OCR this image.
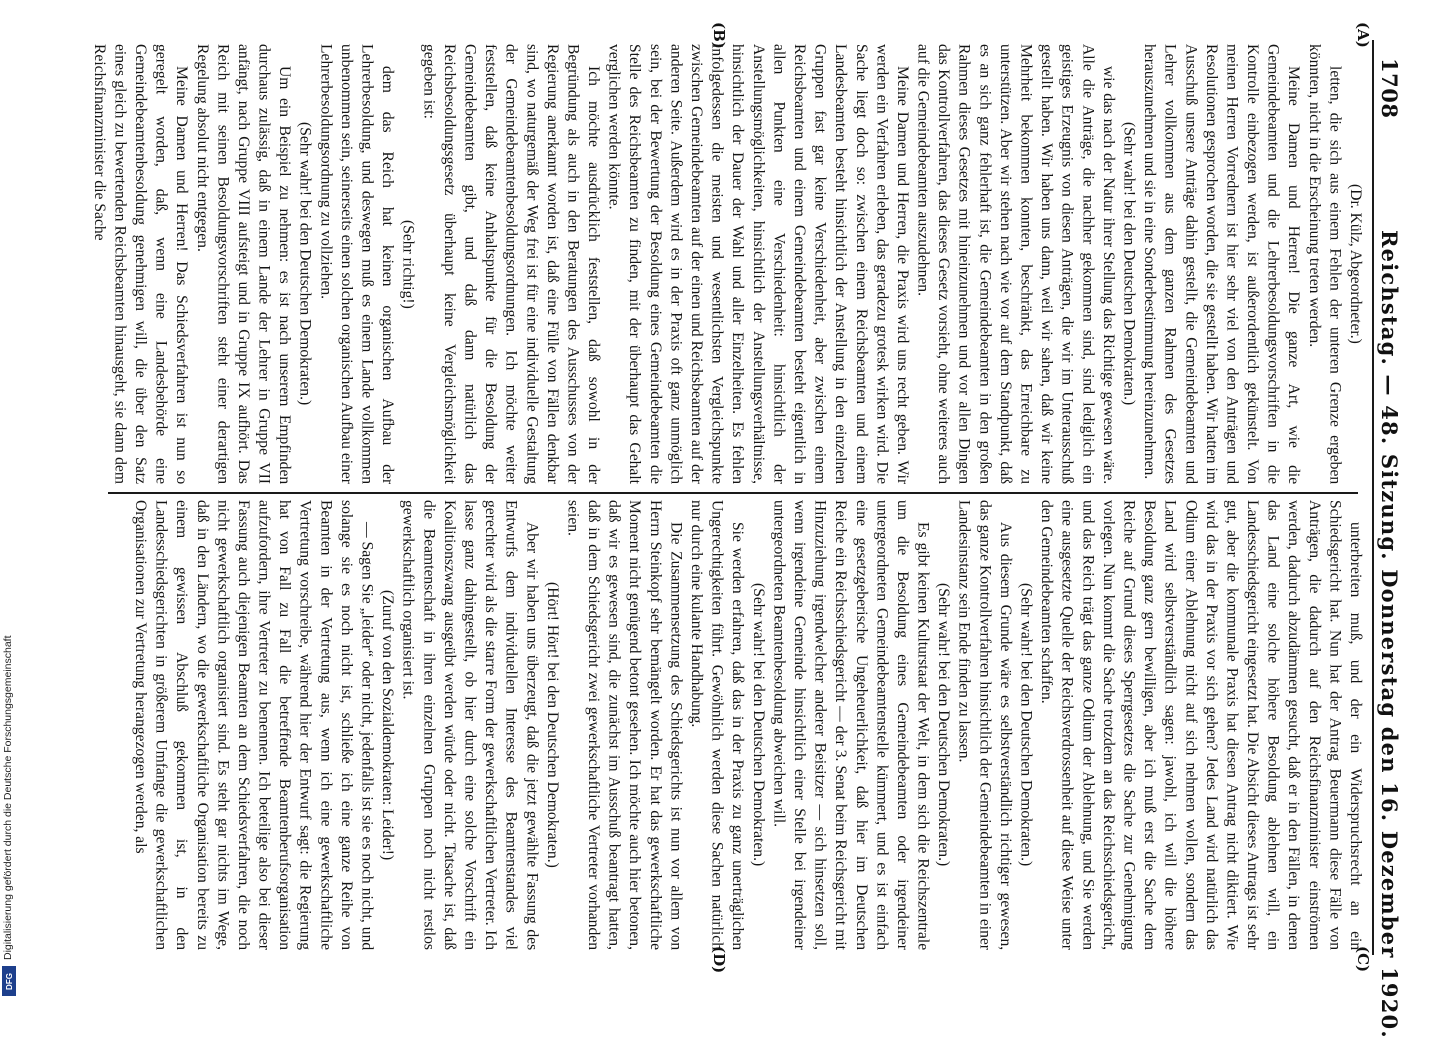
1708
Reichstag. — 48. Sitzung. Donnerstag den 16. Dezember 1920.
(A)
(B)
(C)
(D)

(Dr. Külz, Abgeordneter.)

letten, die sich aus einem Fehlen der unteren Grenze ergeben könnten, nicht in die Erscheinung treten werden.

Meine Damen und Herren! Die ganze Art, wie die Gemeindebeamten und die Lehrerbesoldungsvorschriften in die Kontrolle einbezogen werden, ist außerordentlich gekünstelt. Von meinen Herren Vorrednern ist hier sehr viel von den Anträgen und Resolutionen gesprochen worden, die sie gestellt haben. Wir hatten im Ausschuß unsere Anträge dahin gestellt, die Gemeindebeamten und Lehrer vollkommen aus dem ganzen Rahmen des Gesetzes herauszunehmen und sie in eine Sonderbestimmung hereinzunehmen.

(Sehr wahr! bei den Deutschen Demokraten.)

wie das nach der Natur ihrer Stellung das Richtige gewesen wäre. Alle die Anträge, die nachher gekommen sind, sind lediglich ein geistiges Erzeugnis von diesen Anträgen, die wir im Unterausschuß gestellt haben. Wir haben uns dann, weil wir sahen, daß wir keine Mehrheit bekommen konnten, beschränkt, das Erreichbare zu unterstützen. Aber wir stehen nach wie vor auf dem Standpunkt, daß es an sich ganz fehlerhaft ist, die Gemeindebeamten in den großen Rahmen dieses Gesetzes mit hineinzunehmen und vor allen Dingen das Kontrollverfahren, das dieses Gesetz vorsieht, ohne weiteres auch auf die Gemeindebeamten auszudehnen.

Meine Damen und Herren, die Praxis wird uns recht geben. Wir werden ein Verfahren erleben, das geradezu grotesk wirken wird. Die Sache liegt doch so: zwischen einem Reichsbeamten und einem Landesbeamten besteht hinsichtlich der Anstellung in den einzelnen Gruppen fast gar keine Verschiedenheit, aber zwischen einem Reichsbeamten und einem Gemeindebeamten besteht eigentlich in allen Punkten eine Verschiedenheit: hinsichtlich der Anstellungsmöglichkeiten, hinsichtlich der Anstellungsverhältnisse, hinsichtlich der Dauer der Wahl und aller Einzelheiten. Es fehlen infolgedessen die meisten und wesentlichsten Vergleichspunkte zwischen Gemeindebeamten auf der einen und Reichsbeamten auf der anderen Seite. Außerdem wird es in der Praxis oft ganz unmöglich sein, bei der Bewertung der Besoldung eines Gemeindebeamten die Stelle des Reichsbeamten zu finden, mit der überhaupt das Gehalt verglichen werden könnte.

Ich möchte ausdrücklich feststellen, daß sowohl in der Begründung als auch in den Beratungen des Ausschusses von der Regierung anerkannt worden ist, daß eine Fülle von Fällen denkbar sind, wo naturgemäß der Weg frei ist für eine individuelle Gestaltung der Gemeindebeamtenbesoldungsordnungen. Ich möchte weiter feststellen, daß keine Anhaltspunkte für die Besoldung der Gemeindebeamten gibt, und daß dann natürlich das Reichsbesoldungsgesetz überhaupt keine Vergleichsmöglichkeit gegeben ist:

(Sehr richtig!)

dem das Reich hat keinen organischen Aufbau der Lehrerbesoldung, und deswegen muß es einem Lande vollkommen unbenommen sein, seinerseits einen solchen organischen Aufbau einer Lehrerbesoldungsordnung zu vollziehen.

(Sehr wahr! bei den Deutschen Demokraten.)

Um ein Beispiel zu nehmen: es ist nach unserem Empfinden durchaus zulässig, daß in einem Lande der Lehrer in Gruppe VII anfängt, nach Gruppe VIII aufsteigt und in Gruppe IX aufhört. Das Reich mit seinen Besoldungsvorschriften steht einer derartigen Regelung absolut nicht entgegen.

Meine Damen und Herren! Das Schiedsverfahren ist nun so geregelt worden, daß, wenn eine Landesbehörde eine Gemeindebeamtenbesoldung genehmigen will, die über den Satz eines gleich zu bewertenden Reichsbeamten hinausgeht, sie dann dem Reichsfinanzminister die Sache

unterbreiten muß, und der ein Widerspruchsrecht an ein Schiedsgericht hat. Nun hat der Antrag Beuermann diese Fälle von Anträgen, die dadurch auf den Reichsfinanzminister einströmen werden, dadurch abzudämmen gesucht, daß er in den Fällen, in denen das Land eine solche höhere Besoldung ablehnen will, ein Landesschiedsgericht eingesetzt hat. Die Absicht dieses Antrags ist sehr gut, aber die kommunale Praxis hat diesen Antrag nicht diktiert. Wie wird das in der Praxis vor sich gehen? Jedes Land wird natürlich das Odium einer Ablehnung nicht auf sich nehmen wollen, sondern das Land wird selbstverständlich sagen: jawohl, ich will die höhere Besoldung ganz gern bewilligen, aber ich muß erst die Sache dem Reiche auf Grund dieses Sperrgesetzes die Sache zur Genehmigung vorlegen. Nun kommt die Sache trotzdem an das Reichsschiedsgericht, und das Reich trägt das ganze Odium der Ablehnung, und Sie werden eine ausgesetzte Quelle der Reichsverdrossenheit auf diese Weise unter den Gemeindebeamten schaffen.

(Sehr wahr! bei den Deutschen Demokraten.)

Aus diesem Grunde wäre es selbstverständlich richtiger gewesen, das ganze Kontrollverfahren hinsichtlich der Gemeindebeamten in einer Landesinstanz sein Ende finden zu lassen.

(Sehr wahr! bei den Deutschen Demokraten.)

Es gibt keinen Kulturstaat der Welt, in dem sich die Reichszentrale um die Besoldung eines Gemeindebeamten oder irgendeiner untergeordneten Gemeindebeamtenstelle kümmert, und es ist einfach eine gesetzgeberische Ungeheuerlichkeit, daß hier im Deutschen Reiche ein Reichsschiedsgericht — der 3. Senat beim Reichsgericht mit Hinzuziehung irgendwelcher anderer Beisitzer — sich hinsetzen soll, wenn irgendeine Gemeinde hinsichtlich einer Stelle bei irgendeiner untergeordneten Beamtenbesoldung abweichen will.

(Sehr wahr! bei den Deutschen Demokraten.)

Sie werden erfahren, daß das in der Praxis zu ganz unerträglichen Ungerechtigkeiten führt. Gewöhnlich werden diese Sachen natürlich nur durch eine kulante Handhabung.

Die Zusammensetzung des Schiedsgerichts ist nun vor allem von Herrn Steinkopf sehr bemängelt worden. Er hat das gewerkschaftliche Moment nicht genügend betont gesehen. Ich möchte auch hier betonen, daß wir es gewesen sind, die zunächst im Ausschuß beantragt hatten, daß in dem Schiedsgericht zwei gewerkschaftliche Vertreter vorhanden seien.

(Hört! Hört! bei den Deutschen Demokraten.)

Aber wir haben uns überzeugt, daß die jetzt gewählte Fassung des Entwurfs dem individuellen Interesse des Beamtenstandes viel gerechter wird als die starre Form der gewerkschaftlichen Vertreter. Ich lasse ganz dahingestellt, ob hier durch eine solche Vorschrift ein Koalitionszwang ausgeübt werden würde oder nicht. Tatsache ist, daß die Beamtenschaft in ihren einzelnen Gruppen noch nicht restlos gewerkschaftlich organisiert ist.

(Zuruf von den Sozialdemokraten: Leider!)

— Sagen Sie „leider“ oder nicht, jedenfalls ist sie es noch nicht, und solange sie es noch nicht ist, schließe ich eine ganze Reihe von Beamten in der Vertretung aus, wenn ich eine gewerkschaftliche Vertretung vorschreibe, während hier der Entwurf sagt: die Regierung hat von Fall zu Fall die betreffende Beamtenberufsorganisation aufzufordern, ihre Vertreter zu benennen. Ich beteilige also bei dieser Fassung auch diejenigen Beamten an dem Schiedsverfahren, die noch nicht gewerkschaftlich organisiert sind. Es steht gar nichts im Wege, daß in den Ländern, wo die gewerkschaftliche Organisation bereits zu einem gewissen Abschluß gekommen ist, in den Landesschiedsgerichten in größerem Umfange die gewerkschaftlichen Organisationen zur Vertretung herangezogen werden, als

Digitalisierung gefördert durch die Deutsche Forschungsgemeinschaft
DFG
